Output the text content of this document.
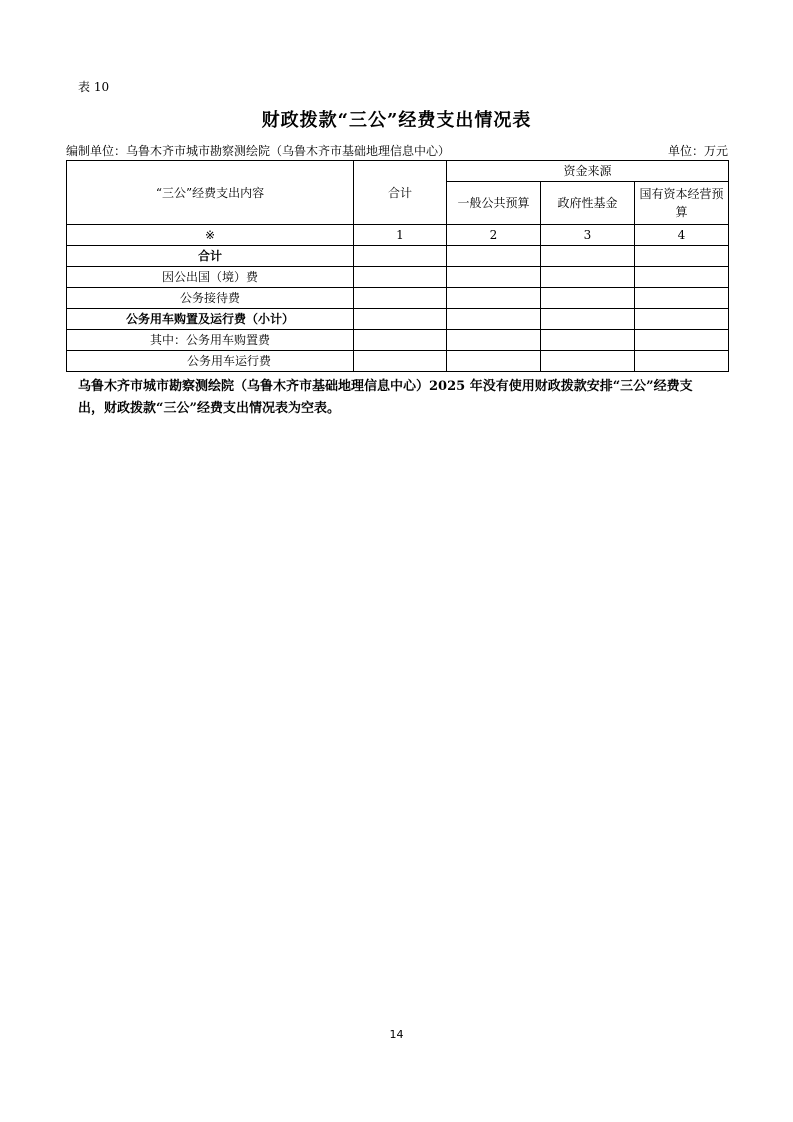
表 10
财政拨款“三公”经费支出情况表
编制单位：乌鲁木齐市城市勘察测绘院（乌鲁木齐市基础地理信息中心）	单位：万元
“三公”经费支出内容	合计	资金来源		
		一般公共预算	政府性基金	国有资本经营预算
※	1	2	3	4
合计				
因公出国（境）费				
公务接待费				
公务用车购置及运行费（小计）				
其中：公务用车购置费				
公务用车运行费				
乌鲁木齐市城市勘察测绘院（乌鲁木齐市基础地理信息中心）2025 年没有使用财政拨款安排“三公”经费支出，财政拨款“三公”经费支出情况表为空表。
14
